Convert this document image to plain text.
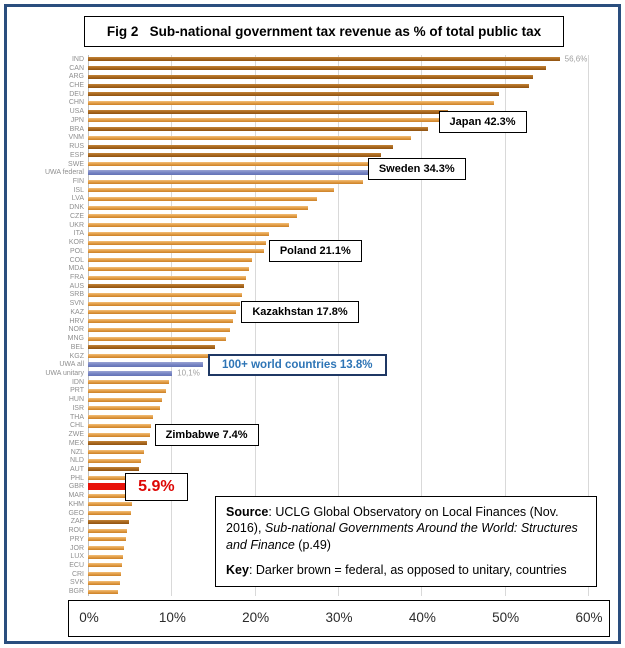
Fig 2   Sub-national government tax revenue as % of total public tax
IND
CAN
ARG
CHE
DEU
CHN
USA
JPN
BRA
VNM
RUS
ESP
SWE
UWA federal
FIN
ISL
LVA
DNK
CZE
UKR
ITA
KOR
POL
COL
MDA
FRA
AUS
SRB
SVN
KAZ
HRV
NOR
MNG
BEL
KGZ
UWA all
UWA unitary
IDN
PRT
HUN
ISR
THA
CHL
ZWE
MEX
NZL
NLD
AUT
PHL
GBR
MAR
KHM
GEO
ZAF
ROU
PRY
JOR
LUX
ECU
CRI
SVK
BGR
56,6%
Japan 42.3%
Sweden 34.3%
Poland 21.1%
Kazakhstan 17.8%
100+ world countries 13.8%
10,1%
Zimbabwe 7.4%
5.9%
0%	10%	20%	30%	40%	50%	60%

Source: UCLG Global Observatory on Local Finances (Nov. 2016), Sub-national Governments Around the World: Structures and Finance (p.49)

Key: Darker brown = federal, as opposed to unitary, countries
